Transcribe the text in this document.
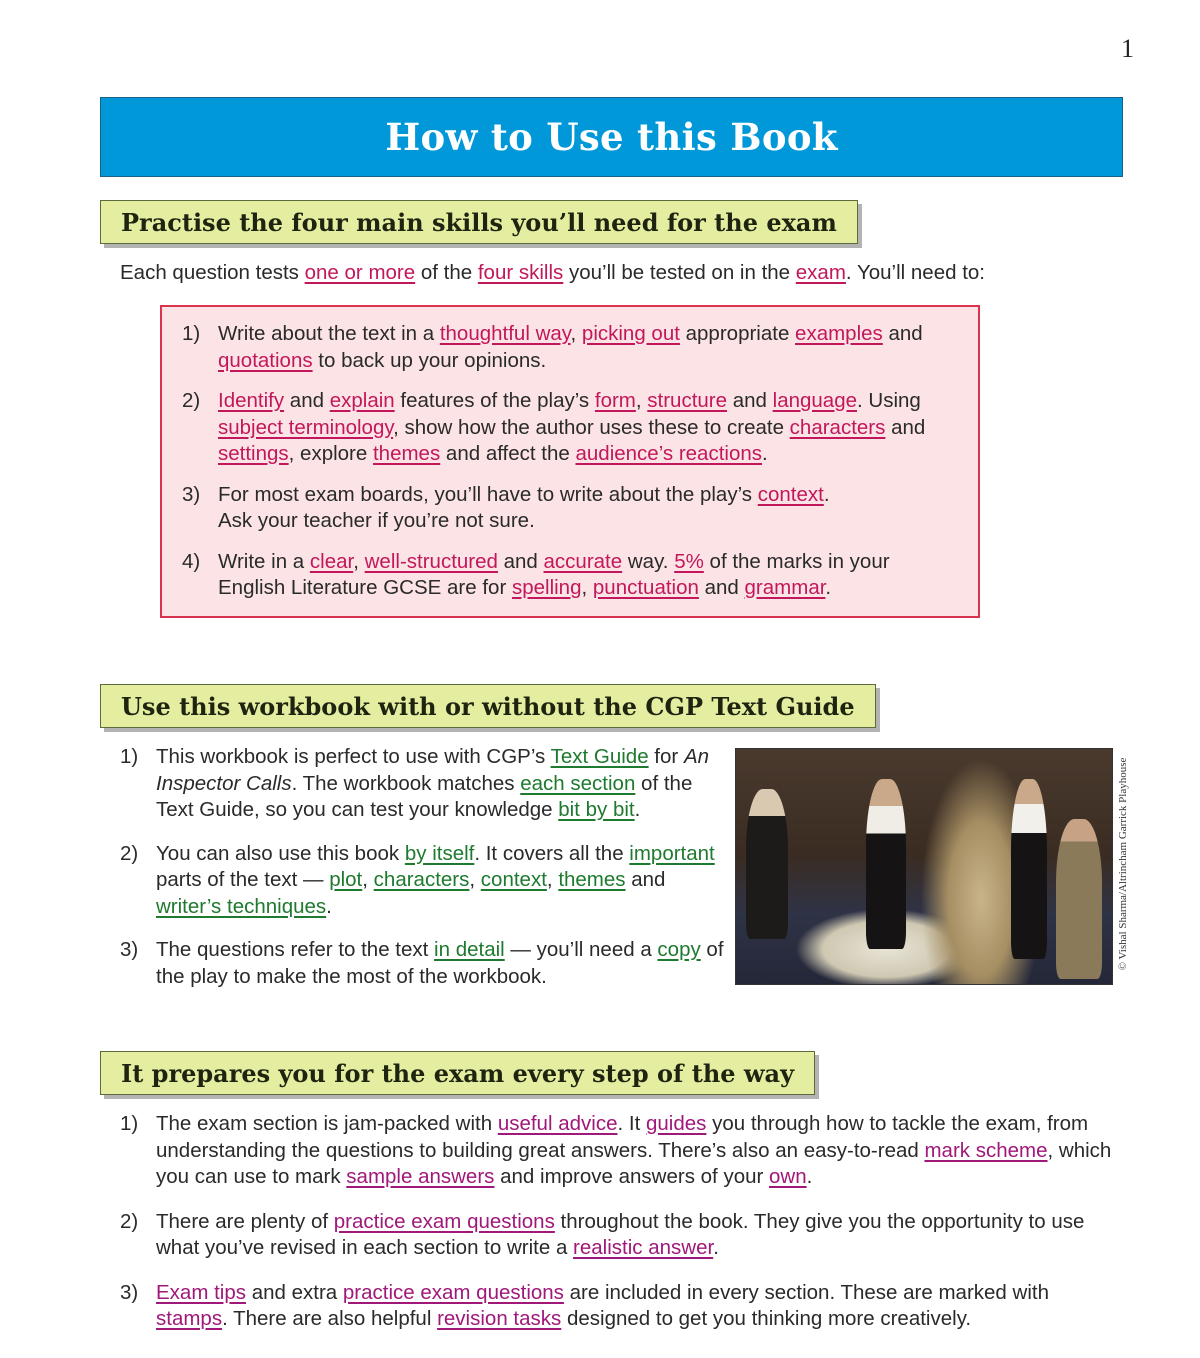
1
How to Use this Book
Practise the four main skills you’ll need for the exam

Each question tests one or more of the four skills you’ll be tested on in the exam. You’ll need to:

1) Write about the text in a thoughtful way, picking out appropriate examples and quotations to back up your opinions.
2) Identify and explain features of the play’s form, structure and language. Using subject terminology, show how the author uses these to create characters and settings, explore themes and affect the audience’s reactions.
3) For most exam boards, you’ll have to write about the play’s context.
Ask your teacher if you’re not sure.
4) Write in a clear, well-structured and accurate way. 5% of the marks in your English Literature GCSE are for spelling, punctuation and grammar.
Use this workbook with or without the CGP Text Guide
1) This workbook is perfect to use with CGP’s Text Guide for An Inspector Calls. The workbook matches each section of the Text Guide, so you can test your knowledge bit by bit.
2) You can also use this book by itself. It covers all the important parts of the text — plot, characters, context, themes and writer’s techniques.
3) The questions refer to the text in detail — you’ll need a copy of the play to make the most of the workbook.
© Vishal Sharma/Altrincham Garrick Playhouse
It prepares you for the exam every step of the way
1) The exam section is jam-packed with useful advice. It guides you through how to tackle the exam, from understanding the questions to building great answers. There’s also an easy-to-read mark scheme, which you can use to mark sample answers and improve answers of your own.
2) There are plenty of practice exam questions throughout the book. They give you the opportunity to use what you’ve revised in each section to write a realistic answer.
3) Exam tips and extra practice exam questions are included in every section. These are marked with stamps. There are also helpful revision tasks designed to get you thinking more creatively.
